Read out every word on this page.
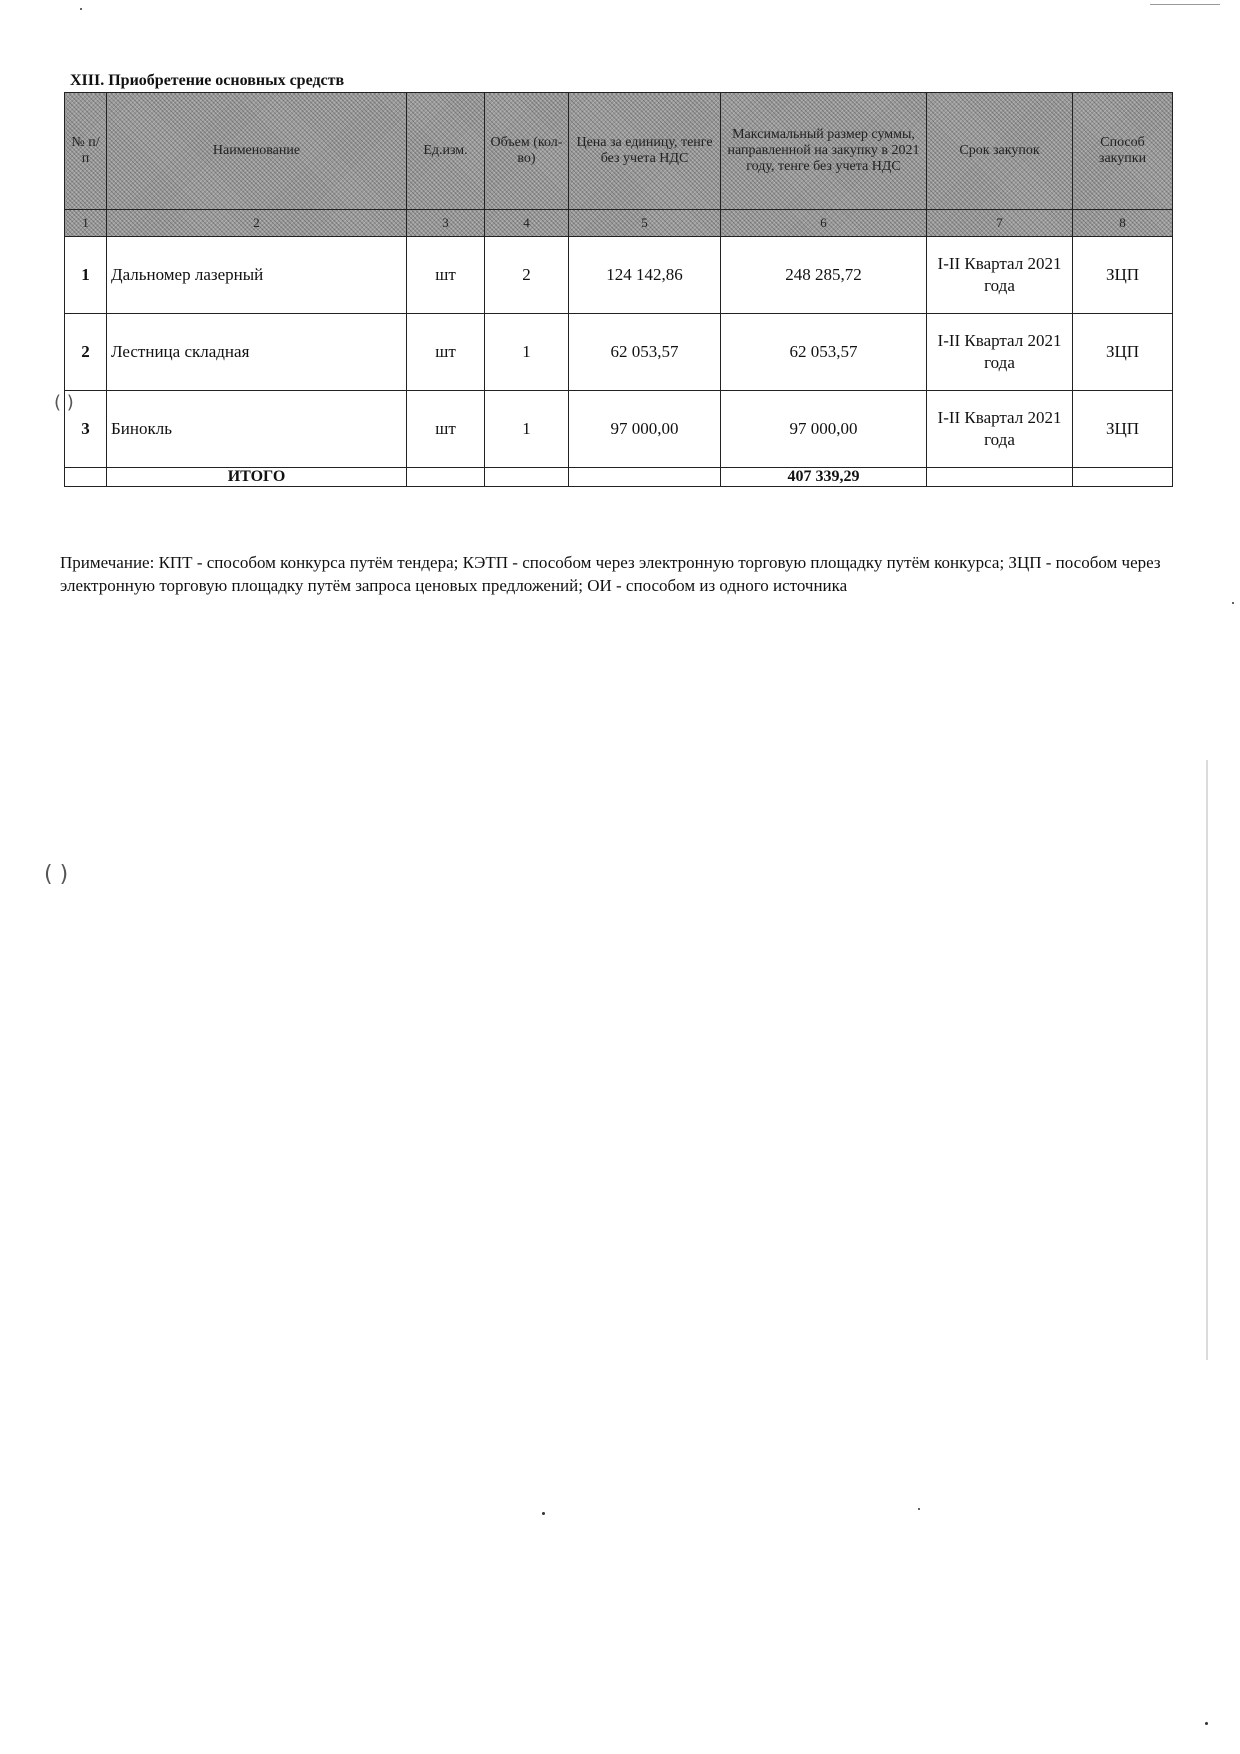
XIII. Приобретение основных средств
№ п/п	Наименование	Ед.изм.	Объем (кол-во)	Цена за единицу, тенге без учета НДС	Максимальный размер суммы, направленной на закупку в 2021 году, тенге без учета НДС	Срок закупок	Способ закупки
1	2	3	4	5	6	7	8
1	Дальномер лазерный	шт	2	124 142,86	248 285,72	I-II Квартал 2021 года	ЗЦП
2	Лестница складная	шт	1	62 053,57	62 053,57	I-II Квартал 2021 года	ЗЦП
3	Бинокль	шт	1	97 000,00	97 000,00	I-II Квартал 2021 года	ЗЦП
	ИТОГО				407 339,29		
Примечание: КПТ - способом конкурса путём тендера; КЭТП - способом через электронную торговую площадку путём конкурса; ЗЦП - пособом через электронную торговую площадку путём запроса ценовых предложений; ОИ - способом из одного источника
( )
( )
